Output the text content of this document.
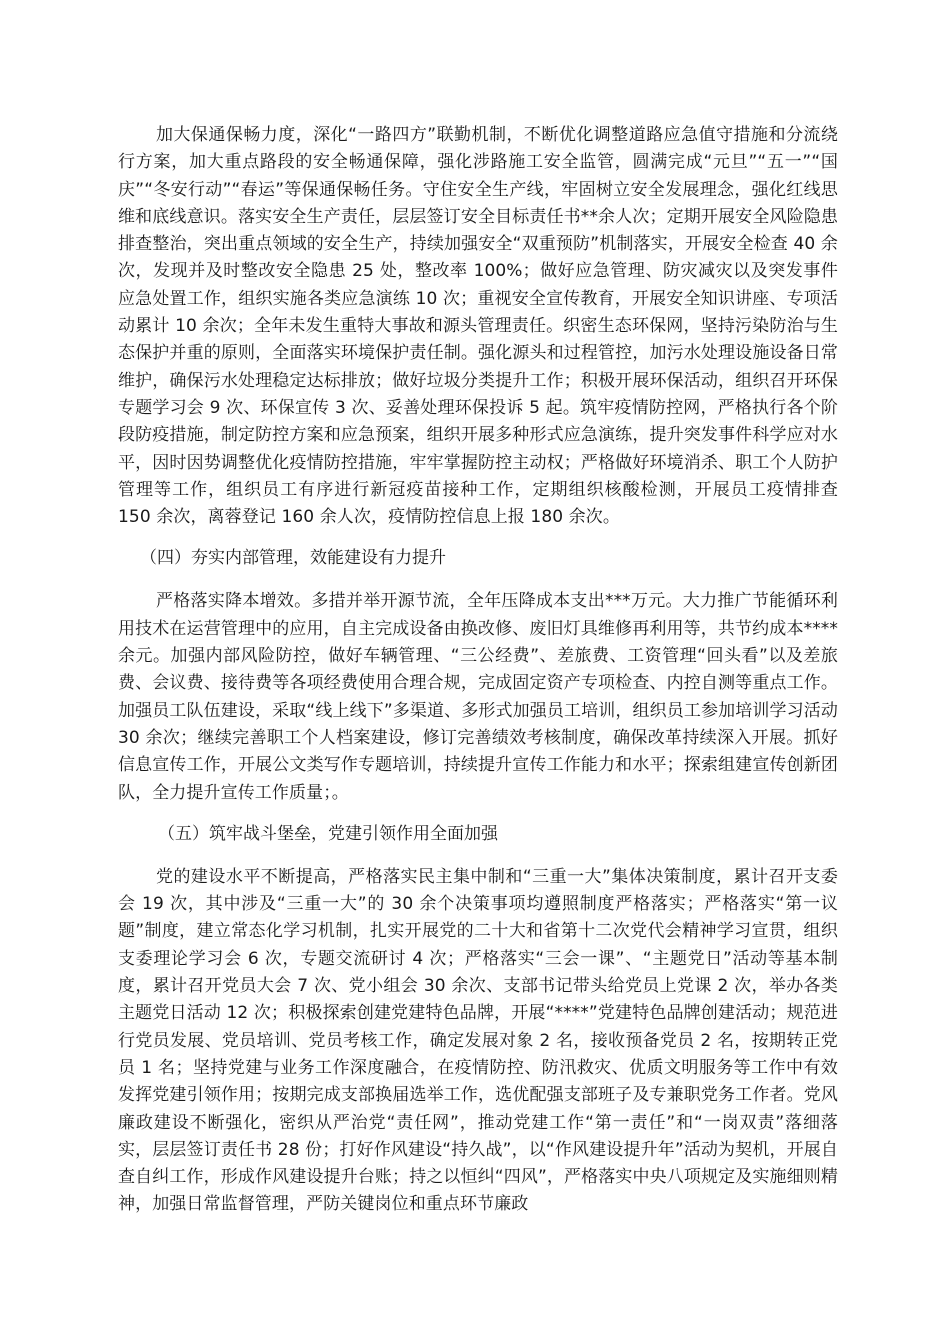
加大保通保畅力度，深化“一路四方”联勤机制，不断优化调整道路应急值守措施和分流绕行方案，加大重点路段的安全畅通保障，强化涉路施工安全监管，圆满完成“元旦”“五一”“国庆”“冬安行动”“春运”等保通保畅任务。守住安全生产线，牢固树立安全发展理念，强化红线思维和底线意识。落实安全生产责任，层层签订安全目标责任书**余人次；定期开展安全风险隐患排查整治，突出重点领域的安全生产，持续加强安全“双重预防”机制落实，开展安全检查 40 余次，发现并及时整改安全隐患 25 处，整改率 100%；做好应急管理、防灾减灾以及突发事件应急处置工作，组织实施各类应急演练 10 次；重视安全宣传教育，开展安全知识讲座、专项活动累计 10 余次；全年未发生重特大事故和源头管理责任。织密生态环保网，坚持污染防治与生态保护并重的原则，全面落实环境保护责任制。强化源头和过程管控，加污水处理设施设备日常维护，确保污水处理稳定达标排放；做好垃圾分类提升工作；积极开展环保活动，组织召开环保专题学习会 9 次、环保宣传 3 次、妥善处理环保投诉 5 起。筑牢疫情防控网，严格执行各个阶段防疫措施，制定防控方案和应急预案，组织开展多种形式应急演练，提升突发事件科学应对水平，因时因势调整优化疫情防控措施，牢牢掌握防控主动权；严格做好环境消杀、职工个人防护管理等工作，组织员工有序进行新冠疫苗接种工作，定期组织核酸检测，开展员工疫情排查 150 余次，离蓉登记 160 余人次，疫情防控信息上报 180 余次。

（四）夯实内部管理，效能建设有力提升

严格落实降本增效。多措并举开源节流，全年压降成本支出***万元。大力推广节能循环利用技术在运营管理中的应用，自主完成设备由换改修、废旧灯具维修再利用等，共节约成本****余元。加强内部风险防控，做好车辆管理、“三公经费”、差旅费、工资管理“回头看”以及差旅费、会议费、接待费等各项经费使用合理合规，完成固定资产专项检查、内控自测等重点工作。加强员工队伍建设，采取“线上线下”多渠道、多形式加强员工培训，组织员工参加培训学习活动 30 余次；继续完善职工个人档案建设，修订完善绩效考核制度，确保改革持续深入开展。抓好信息宣传工作，开展公文类写作专题培训，持续提升宣传工作能力和水平；探索组建宣传创新团队，全力提升宣传工作质量；。

（五）筑牢战斗堡垒，党建引领作用全面加强

党的建设水平不断提高，严格落实民主集中制和“三重一大”集体决策制度，累计召开支委会 19 次，其中涉及“三重一大”的 30 余个决策事项均遵照制度严格落实；严格落实“第一议题”制度，建立常态化学习机制，扎实开展党的二十大和省第十二次党代会精神学习宣贯，组织支委理论学习会 6 次，专题交流研讨 4 次；严格落实“三会一课”、“主题党日”活动等基本制度，累计召开党员大会 7 次、党小组会 30 余次、支部书记带头给党员上党课 2 次，举办各类主题党日活动 12 次；积极探索创建党建特色品牌，开展“****”党建特色品牌创建活动；规范进行党员发展、党员培训、党员考核工作，确定发展对象 2 名，接收预备党员 2 名，按期转正党员 1 名；坚持党建与业务工作深度融合，在疫情防控、防汛救灾、优质文明服务等工作中有效发挥党建引领作用；按期完成支部换届选举工作，选优配强支部班子及专兼职党务工作者。党风廉政建设不断强化，密织从严治党“责任网”，推动党建工作“第一责任”和“一岗双责”落细落实，层层签订责任书 28 份；打好作风建设“持久战”，以“作风建设提升年”活动为契机，开展自查自纠工作，形成作风建设提升台账；持之以恒纠“四风”，严格落实中央八项规定及实施细则精神，加强日常监督管理，严防关键岗位和重点环节廉政
